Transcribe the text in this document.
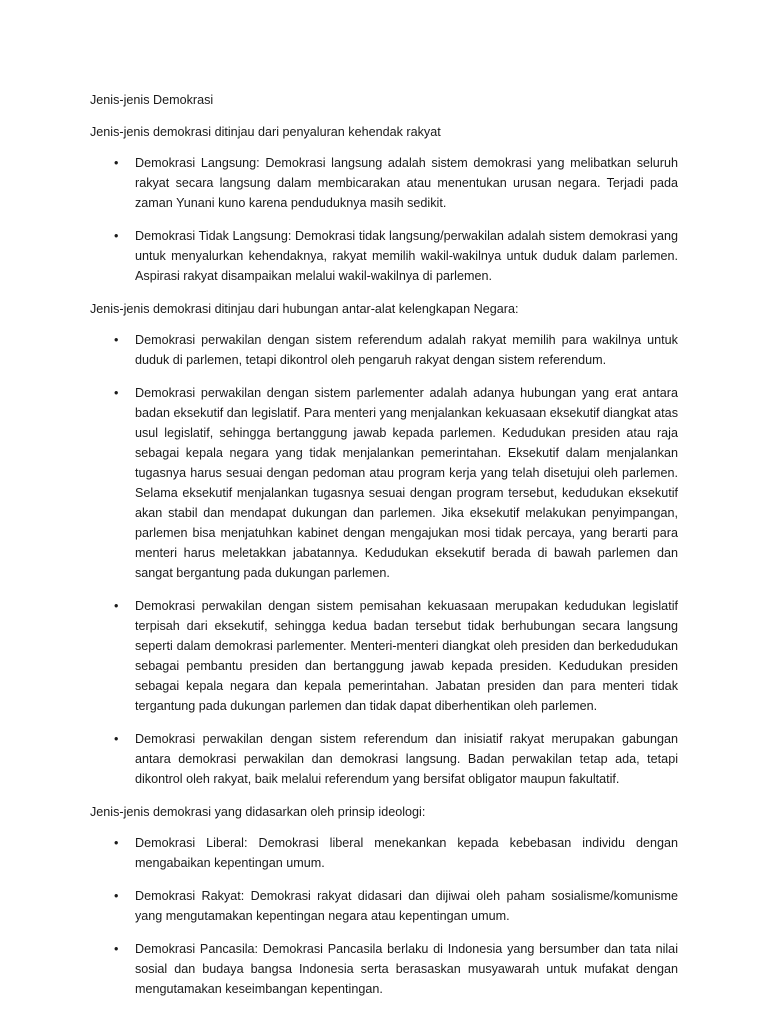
Jenis-jenis Demokrasi

Jenis-jenis demokrasi ditinjau dari penyaluran kehendak rakyat

• Demokrasi Langsung: Demokrasi langsung adalah sistem demokrasi yang melibatkan seluruh rakyat secara langsung dalam membicarakan atau menentukan urusan negara. Terjadi pada zaman Yunani kuno karena penduduknya masih sedikit.
• Demokrasi Tidak Langsung: Demokrasi tidak langsung/perwakilan adalah sistem demokrasi yang untuk menyalurkan kehendaknya, rakyat memilih wakil-wakilnya untuk duduk dalam parlemen. Aspirasi rakyat disampaikan melalui wakil-wakilnya di parlemen.

Jenis-jenis demokrasi ditinjau dari hubungan antar-alat kelengkapan Negara:

• Demokrasi perwakilan dengan sistem referendum adalah rakyat memilih para wakilnya untuk duduk di parlemen, tetapi dikontrol oleh pengaruh rakyat dengan sistem referendum.
• Demokrasi perwakilan dengan sistem parlementer adalah adanya hubungan yang erat antara badan eksekutif dan legislatif. Para menteri yang menjalankan kekuasaan eksekutif diangkat atas usul legislatif, sehingga bertanggung jawab kepada parlemen. Kedudukan presiden atau raja sebagai kepala negara yang tidak menjalankan pemerintahan. Eksekutif dalam menjalankan tugasnya harus sesuai dengan pedoman atau program kerja yang telah disetujui oleh parlemen. Selama eksekutif menjalankan tugasnya sesuai dengan program tersebut, kedudukan eksekutif akan stabil dan mendapat dukungan dan parlemen. Jika eksekutif melakukan penyimpangan, parlemen bisa menjatuhkan kabinet dengan mengajukan mosi tidak percaya, yang berarti para menteri harus meletakkan jabatannya. Kedudukan eksekutif berada di bawah parlemen dan sangat bergantung pada dukungan parlemen.
• Demokrasi perwakilan dengan sistem pemisahan kekuasaan merupakan kedudukan legislatif terpisah dari eksekutif, sehingga kedua badan tersebut tidak berhubungan secara langsung seperti dalam demokrasi parlementer. Menteri-menteri diangkat oleh presiden dan berkedudukan sebagai pembantu presiden dan bertanggung jawab kepada presiden. Kedudukan presiden sebagai kepala negara dan kepala pemerintahan. Jabatan presiden dan para menteri tidak tergantung pada dukungan parlemen dan tidak dapat diberhentikan oleh parlemen.
• Demokrasi perwakilan dengan sistem referendum dan inisiatif rakyat merupakan gabungan antara demokrasi perwakilan dan demokrasi langsung. Badan perwakilan tetap ada, tetapi dikontrol oleh rakyat, baik melalui referendum yang bersifat obligator maupun fakultatif.

Jenis-jenis demokrasi yang didasarkan oleh prinsip ideologi:

• Demokrasi Liberal: Demokrasi liberal menekankan kepada kebebasan individu dengan mengabaikan kepentingan umum.
• Demokrasi Rakyat: Demokrasi rakyat didasari dan dijiwai oleh paham sosialisme/komunisme yang mengutamakan kepentingan negara atau kepentingan umum.
• Demokrasi Pancasila: Demokrasi Pancasila berlaku di Indonesia yang bersumber dan tata nilai sosial dan budaya bangsa Indonesia serta berasaskan musyawarah untuk mufakat dengan mengutamakan keseimbangan kepentingan.
